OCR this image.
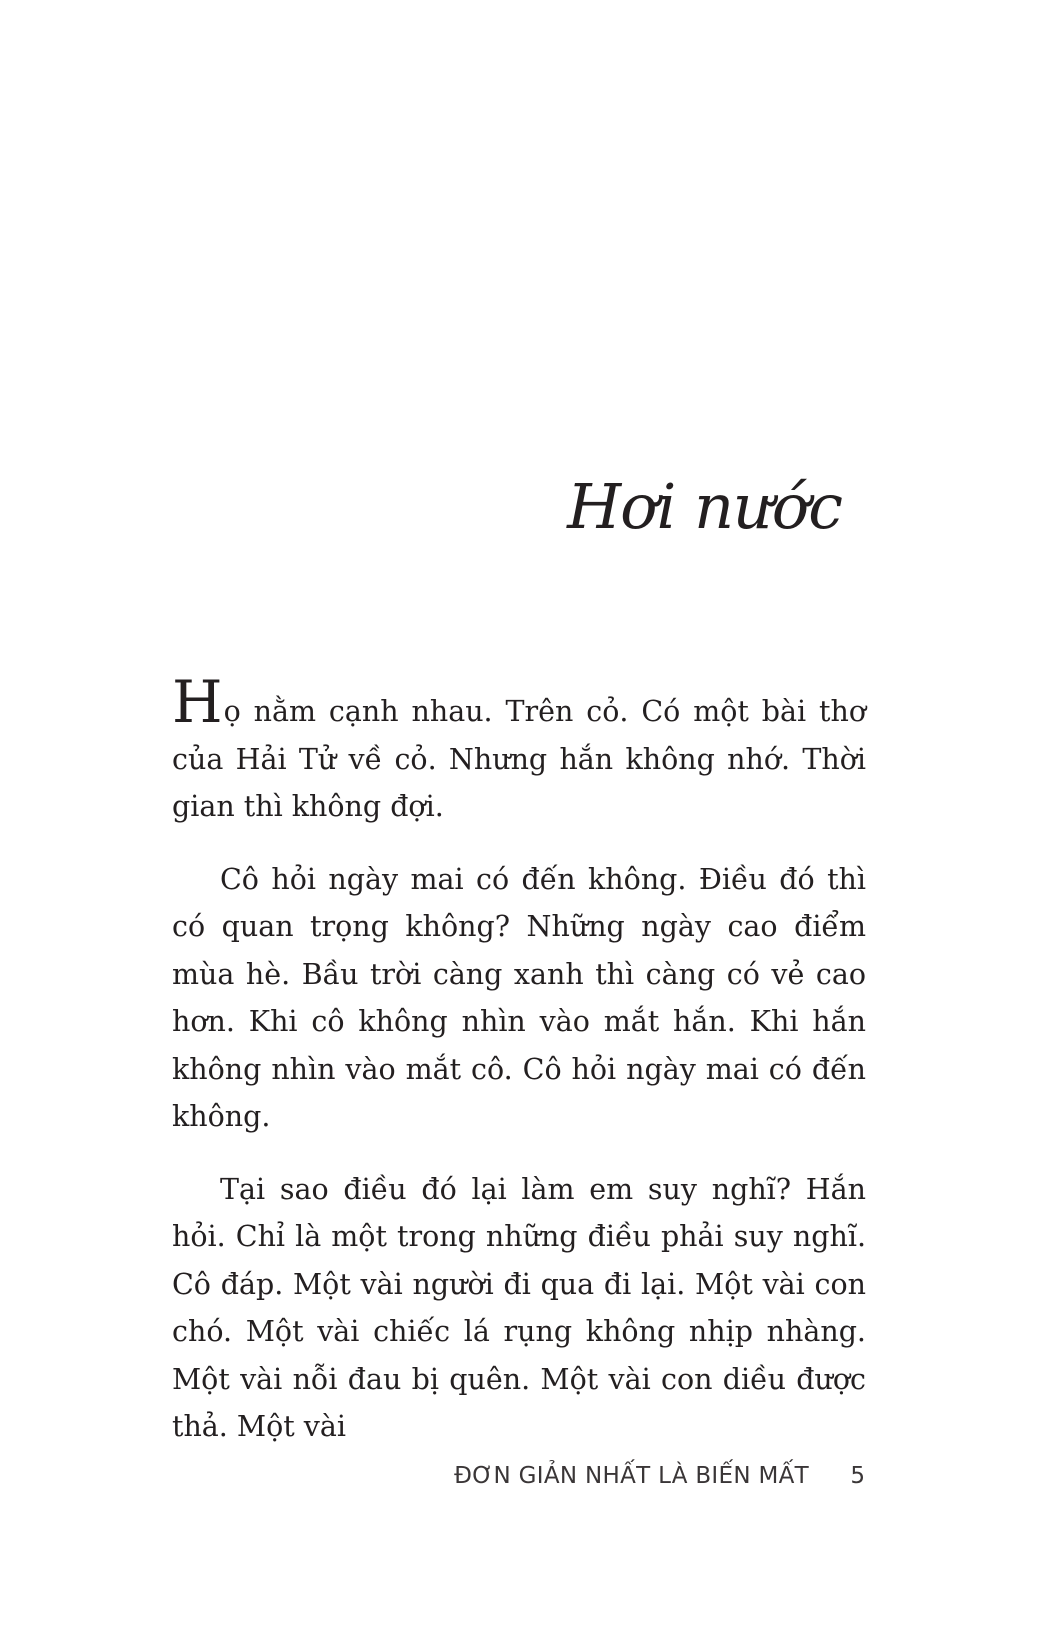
Hơi nước

Họ nằm cạnh nhau. Trên cỏ. Có một bài thơ của Hải Tử về cỏ. Nhưng hắn không nhớ. Thời gian thì không đợi.

Cô hỏi ngày mai có đến không. Điều đó thì có quan trọng không? Những ngày cao điểm mùa hè. Bầu trời càng xanh thì càng có vẻ cao hơn. Khi cô không nhìn vào mắt hắn. Khi hắn không nhìn vào mắt cô. Cô hỏi ngày mai có đến không.

Tại sao điều đó lại làm em suy nghĩ? Hắn hỏi. Chỉ là một trong những điều phải suy nghĩ. Cô đáp. Một vài người đi qua đi lại. Một vài con chó. Một vài chiếc lá rụng không nhịp nhàng. Một vài nỗi đau bị quên. Một vài con diều được thả. Một vài

ĐƠN GIẢN NHẤT LÀ BIẾN MẤT 5
